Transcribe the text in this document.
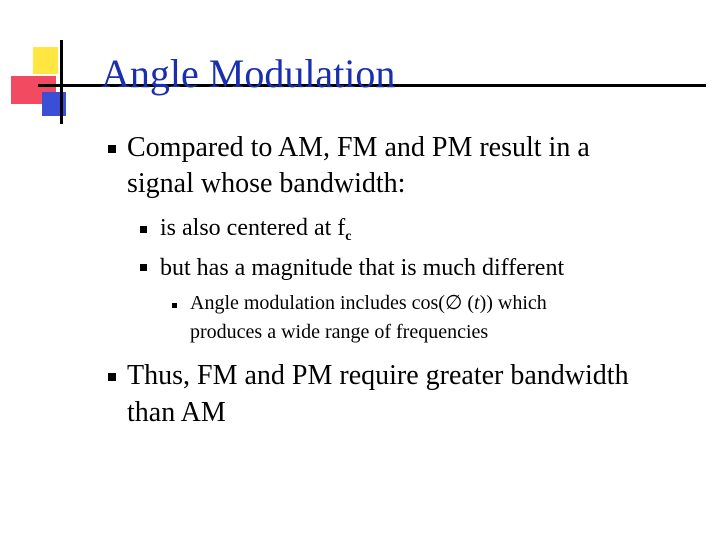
Angle Modulation
Compared to AM, FM and PM result in a
signal whose bandwidth:
is also centered at $f_c$
but has a magnitude that is much different
Angle modulation includes cos(∅ (t)) which
produces a wide range of frequencies
Thus, FM and PM require greater bandwidth
than AM
